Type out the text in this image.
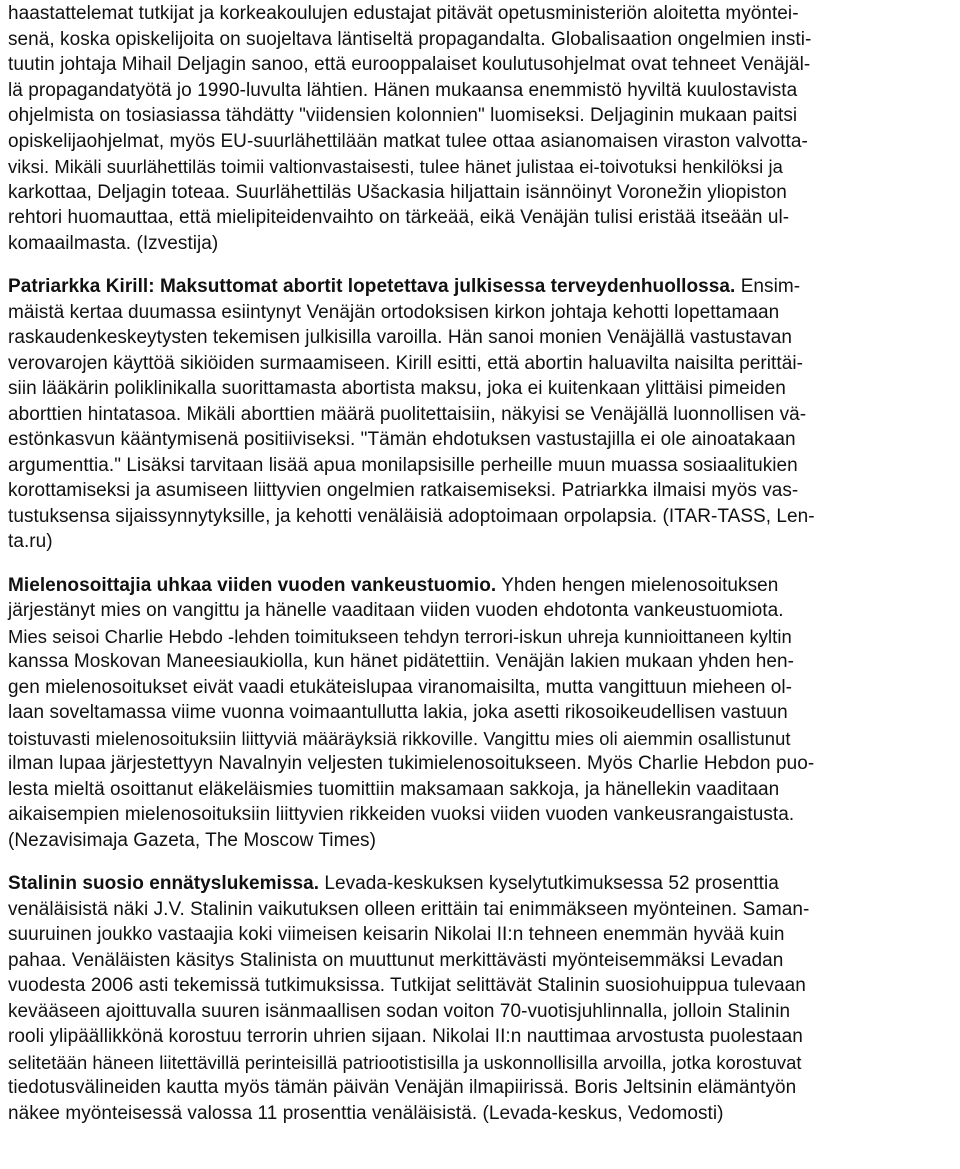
haastattelemat tutkijat ja korkeakoulujen edustajat pitävät opetusministeriön aloitetta myöntei-
senä, koska opiskelijoita on suojeltava läntiseltä propagandalta. Globalisaation ongelmien insti-
tuutin johtaja Mihail Deljagin sanoo, että eurooppalaiset koulutusohjelmat ovat tehneet Venäjäl-
lä propagandatyötä jo 1990-luvulta lähtien. Hänen mukaansa enemmistö hyviltä kuulostavista
ohjelmista on tosiasiassa tähdätty "viidensien kolonnien" luomiseksi. Deljaginin mukaan paitsi
opiskelijaohjelmat, myös EU-suurlähettilään matkat tulee ottaa asianomaisen viraston valvotta-
viksi. Mikäli suurlähettiläs toimii valtionvastaisesti, tulee hänet julistaa ei-toivotuksi henkilöksi ja
karkottaa, Deljagin toteaa. Suurlähettiläs Ušackasia hiljattain isännöinyt Voronežin yliopiston
rehtori huomauttaa, että mielipiteidenvaihto on tärkeää, eikä Venäjän tulisi eristää itseään ul-
komaailmasta. (Izvestija)
Patriarkka Kirill: Maksuttomat abortit lopetettava julkisessa terveydenhuollossa. Ensim-
mäistä kertaa duumassa esiintynyt Venäjän ortodoksisen kirkon johtaja kehotti lopettamaan
raskaudenkeskeytysten tekemisen julkisilla varoilla. Hän sanoi monien Venäjällä vastustavan
verovarojen käyttöä sikiöiden surmaamiseen. Kirill esitti, että abortin haluavilta naisilta perittäi-
siin lääkärin poliklinikalla suorittamasta abortista maksu, joka ei kuitenkaan ylittäisi pimeiden
aborttien hintatasoa. Mikäli aborttien määrä puolitettaisiin, näkyisi se Venäjällä luonnollisen vä-
estönkasvun kääntymisenä positiiviseksi. "Tämän ehdotuksen vastustajilla ei ole ainoatakaan
argumenttia." Lisäksi tarvitaan lisää apua monilapsisille perheille muun muassa sosiaalitukien
korottamiseksi ja asumiseen liittyvien ongelmien ratkaisemiseksi. Patriarkka ilmaisi myös vas-
tustuksensa sijaissynnytyksille, ja kehotti venäläisiä adoptoimaan orpolapsia. (ITAR-TASS, Len-
ta.ru)
Mielenosoittajia uhkaa viiden vuoden vankeustuomio. Yhden hengen mielenosoituksen
järjestänyt mies on vangittu ja hänelle vaaditaan viiden vuoden ehdotonta vankeustuomiota.
Mies seisoi Charlie Hebdo -lehden toimitukseen tehdyn terrori-iskun uhreja kunnioittaneen kyltin
kanssa Moskovan Maneesiaukiolla, kun hänet pidätettiin. Venäjän lakien mukaan yhden hen-
gen mielenosoitukset eivät vaadi etukäteislupaa viranomaisilta, mutta vangittuun mieheen ol-
laan soveltamassa viime vuonna voimaantullutta lakia, joka asetti rikosoikeudellisen vastuun
toistuvasti mielenosoituksiin liittyviä määräyksiä rikkoville. Vangittu mies oli aiemmin osallistunut
ilman lupaa järjestettyyn Navalnyin veljesten tukimielenosoitukseen. Myös Charlie Hebdon puo-
lesta mieltä osoittanut eläkeläismies tuomittiin maksamaan sakkoja, ja hänellekin vaaditaan
aikaisempien mielenosoituksiin liittyvien rikkeiden vuoksi viiden vuoden vankeusrangaistusta.
(Nezavisimaja Gazeta, The Moscow Times)
Stalinin suosio ennätyslukemissa. Levada-keskuksen kyselytutkimuksessa 52 prosenttia
venäläisistä näki J.V. Stalinin vaikutuksen olleen erittäin tai enimmäkseen myönteinen. Saman-
suuruinen joukko vastaajia koki viimeisen keisarin Nikolai II:n tehneen enemmän hyvää kuin
pahaa. Venäläisten käsitys Stalinista on muuttunut merkittävästi myönteisemmäksi Levadan
vuodesta 2006 asti tekemissä tutkimuksissa. Tutkijat selittävät Stalinin suosiohuippua tulevaan
kevääseen ajoittuvalla suuren isänmaallisen sodan voiton 70-vuotisjuhlinnalla, jolloin Stalinin
rooli ylipäällikkönä korostuu terrorin uhrien sijaan. Nikolai II:n nauttimaa arvostusta puolestaan
selitetään häneen liitettävillä perinteisillä patriootistisilla ja uskonnollisilla arvoilla, jotka korostuvat
tiedotusvälineiden kautta myös tämän päivän Venäjän ilmapiirissä. Boris Jeltsinin elämäntyön
näkee myönteisessä valossa 11 prosenttia venäläisistä. (Levada-keskus, Vedomosti)
